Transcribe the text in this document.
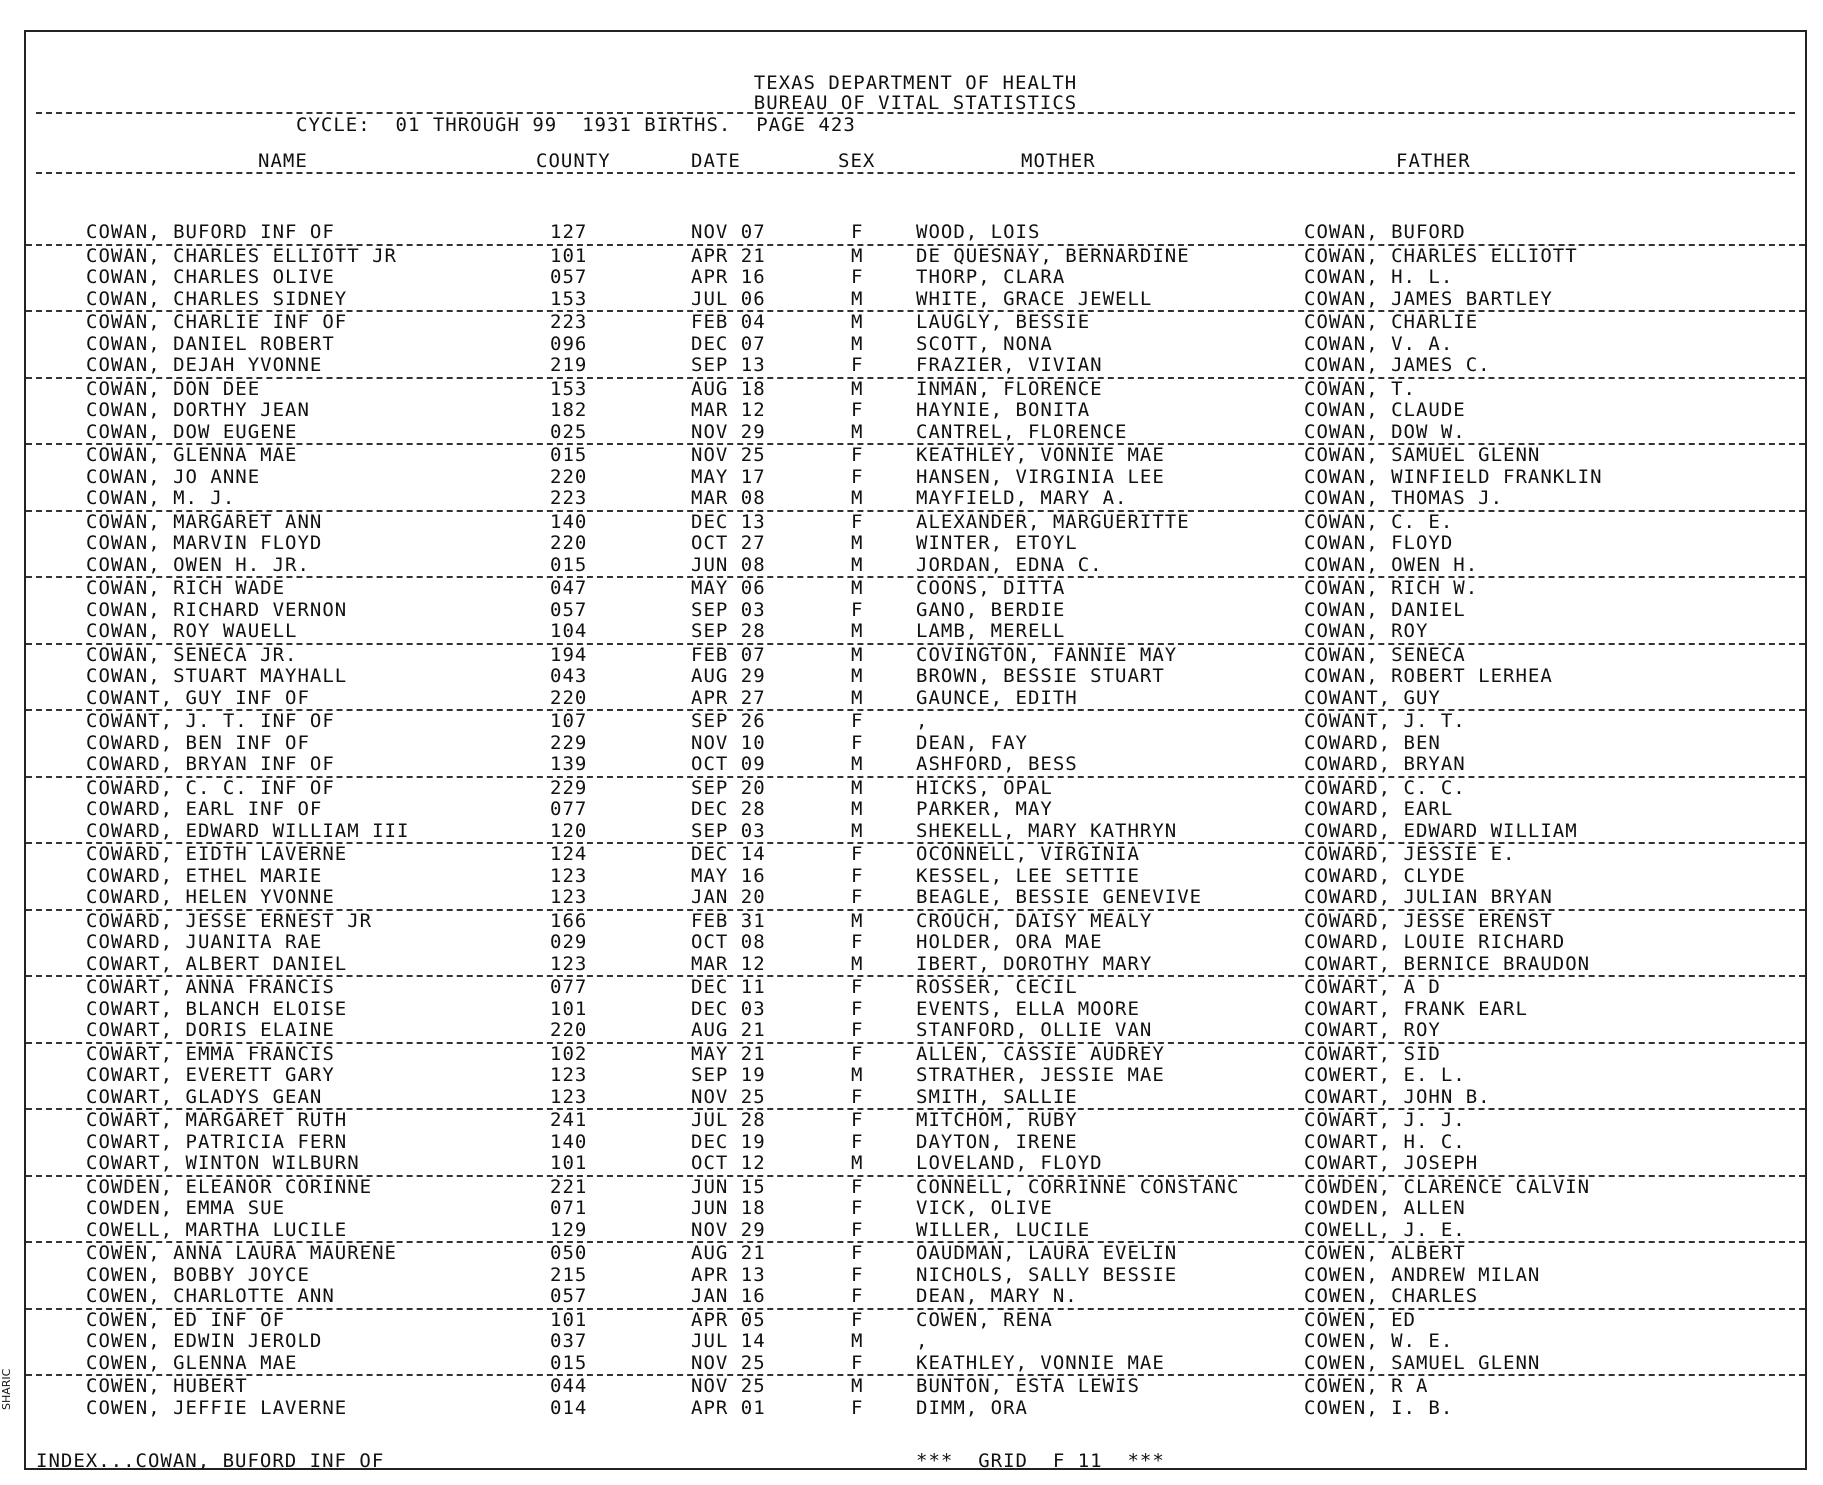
TEXAS DEPARTMENT OF HEALTH
BUREAU OF VITAL STATISTICS
CYCLE:  01 THROUGH 99  1931 BIRTHS.  PAGE 423
NAME	COUNTY	DATE	SEX	MOTHER	FATHER
COWAN, BUFORD INF OF	127	NOV 07	F	WOOD, LOIS	COWAN, BUFORD
COWAN, CHARLES ELLIOTT JR	101	APR 21	M	DE QUESNAY, BERNARDINE	COWAN, CHARLES ELLIOTT
COWAN, CHARLES OLIVE	057	APR 16	F	THORP, CLARA	COWAN, H. L.
COWAN, CHARLES SIDNEY	153	JUL 06	M	WHITE, GRACE JEWELL	COWAN, JAMES BARTLEY
COWAN, CHARLIE INF OF	223	FEB 04	M	LAUGLY, BESSIE	COWAN, CHARLIE
COWAN, DANIEL ROBERT	096	DEC 07	M	SCOTT, NONA	COWAN, V. A.
COWAN, DEJAH YVONNE	219	SEP 13	F	FRAZIER, VIVIAN	COWAN, JAMES C.
COWAN, DON DEE	153	AUG 18	M	INMAN, FLORENCE	COWAN, T.
COWAN, DORTHY JEAN	182	MAR 12	F	HAYNIE, BONITA	COWAN, CLAUDE
COWAN, DOW EUGENE	025	NOV 29	M	CANTREL, FLORENCE	COWAN, DOW W.
COWAN, GLENNA MAE	015	NOV 25	F	KEATHLEY, VONNIE MAE	COWAN, SAMUEL GLENN
COWAN, JO ANNE	220	MAY 17	F	HANSEN, VIRGINIA LEE	COWAN, WINFIELD FRANKLIN
COWAN, M. J.	223	MAR 08	M	MAYFIELD, MARY A.	COWAN, THOMAS J.
COWAN, MARGARET ANN	140	DEC 13	F	ALEXANDER, MARGUERITTE	COWAN, C. E.
COWAN, MARVIN FLOYD	220	OCT 27	M	WINTER, ETOYL	COWAN, FLOYD
COWAN, OWEN H. JR.	015	JUN 08	M	JORDAN, EDNA C.	COWAN, OWEN H.
COWAN, RICH WADE	047	MAY 06	M	COONS, DITTA	COWAN, RICH W.
COWAN, RICHARD VERNON	057	SEP 03	F	GANO, BERDIE	COWAN, DANIEL
COWAN, ROY WAUELL	104	SEP 28	M	LAMB, MERELL	COWAN, ROY
COWAN, SENECA JR.	194	FEB 07	M	COVINGTON, FANNIE MAY	COWAN, SENECA
COWAN, STUART MAYHALL	043	AUG 29	M	BROWN, BESSIE STUART	COWAN, ROBERT LERHEA
COWANT, GUY INF OF	220	APR 27	M	GAUNCE, EDITH	COWANT, GUY
COWANT, J. T. INF OF	107	SEP 26	F	,	COWANT, J. T.
COWARD, BEN INF OF	229	NOV 10	F	DEAN, FAY	COWARD, BEN
COWARD, BRYAN INF OF	139	OCT 09	M	ASHFORD, BESS	COWARD, BRYAN
COWARD, C. C. INF OF	229	SEP 20	M	HICKS, OPAL	COWARD, C. C.
COWARD, EARL INF OF	077	DEC 28	M	PARKER, MAY	COWARD, EARL
COWARD, EDWARD WILLIAM III	120	SEP 03	M	SHEKELL, MARY KATHRYN	COWARD, EDWARD WILLIAM
COWARD, EIDTH LAVERNE	124	DEC 14	F	OCONNELL, VIRGINIA	COWARD, JESSIE E.
COWARD, ETHEL MARIE	123	MAY 16	F	KESSEL, LEE SETTIE	COWARD, CLYDE
COWARD, HELEN YVONNE	123	JAN 20	F	BEAGLE, BESSIE GENEVIVE	COWARD, JULIAN BRYAN
COWARD, JESSE ERNEST JR	166	FEB 31	M	CROUCH, DAISY MEALY	COWARD, JESSE ERENST
COWARD, JUANITA RAE	029	OCT 08	F	HOLDER, ORA MAE	COWARD, LOUIE RICHARD
COWART, ALBERT DANIEL	123	MAR 12	M	IBERT, DOROTHY MARY	COWART, BERNICE BRAUDON
COWART, ANNA FRANCIS	077	DEC 11	F	ROSSER, CECIL	COWART, A D
COWART, BLANCH ELOISE	101	DEC 03	F	EVENTS, ELLA MOORE	COWART, FRANK EARL
COWART, DORIS ELAINE	220	AUG 21	F	STANFORD, OLLIE VAN	COWART, ROY
COWART, EMMA FRANCIS	102	MAY 21	F	ALLEN, CASSIE AUDREY	COWART, SID
COWART, EVERETT GARY	123	SEP 19	M	STRATHER, JESSIE MAE	COWERT, E. L.
COWART, GLADYS GEAN	123	NOV 25	F	SMITH, SALLIE	COWART, JOHN B.
COWART, MARGARET RUTH	241	JUL 28	F	MITCHOM, RUBY	COWART, J. J.
COWART, PATRICIA FERN	140	DEC 19	F	DAYTON, IRENE	COWART, H. C.
COWART, WINTON WILBURN	101	OCT 12	M	LOVELAND, FLOYD	COWART, JOSEPH
COWDEN, ELEANOR CORINNE	221	JUN 15	F	CONNELL, CORRINNE CONSTANC	COWDEN, CLARENCE CALVIN
COWDEN, EMMA SUE	071	JUN 18	F	VICK, OLIVE	COWDEN, ALLEN
COWELL, MARTHA LUCILE	129	NOV 29	F	WILLER, LUCILE	COWELL, J. E.
COWEN, ANNA LAURA MAURENE	050	AUG 21	F	OAUDMAN, LAURA EVELIN	COWEN, ALBERT
COWEN, BOBBY JOYCE	215	APR 13	F	NICHOLS, SALLY BESSIE	COWEN, ANDREW MILAN
COWEN, CHARLOTTE ANN	057	JAN 16	F	DEAN, MARY N.	COWEN, CHARLES
COWEN, ED INF OF	101	APR 05	F	COWEN, RENA	COWEN, ED
COWEN, EDWIN JEROLD	037	JUL 14	M	,	COWEN, W. E.
COWEN, GLENNA MAE	015	NOV 25	F	KEATHLEY, VONNIE MAE	COWEN, SAMUEL GLENN
COWEN, HUBERT	044	NOV 25	M	BUNTON, ESTA LEWIS	COWEN, R A
COWEN, JEFFIE LAVERNE	014	APR 01	F	DIMM, ORA	COWEN, I. B.
INDEX...COWAN, BUFORD INF OF	***  GRID  F 11  ***
SHARIC
